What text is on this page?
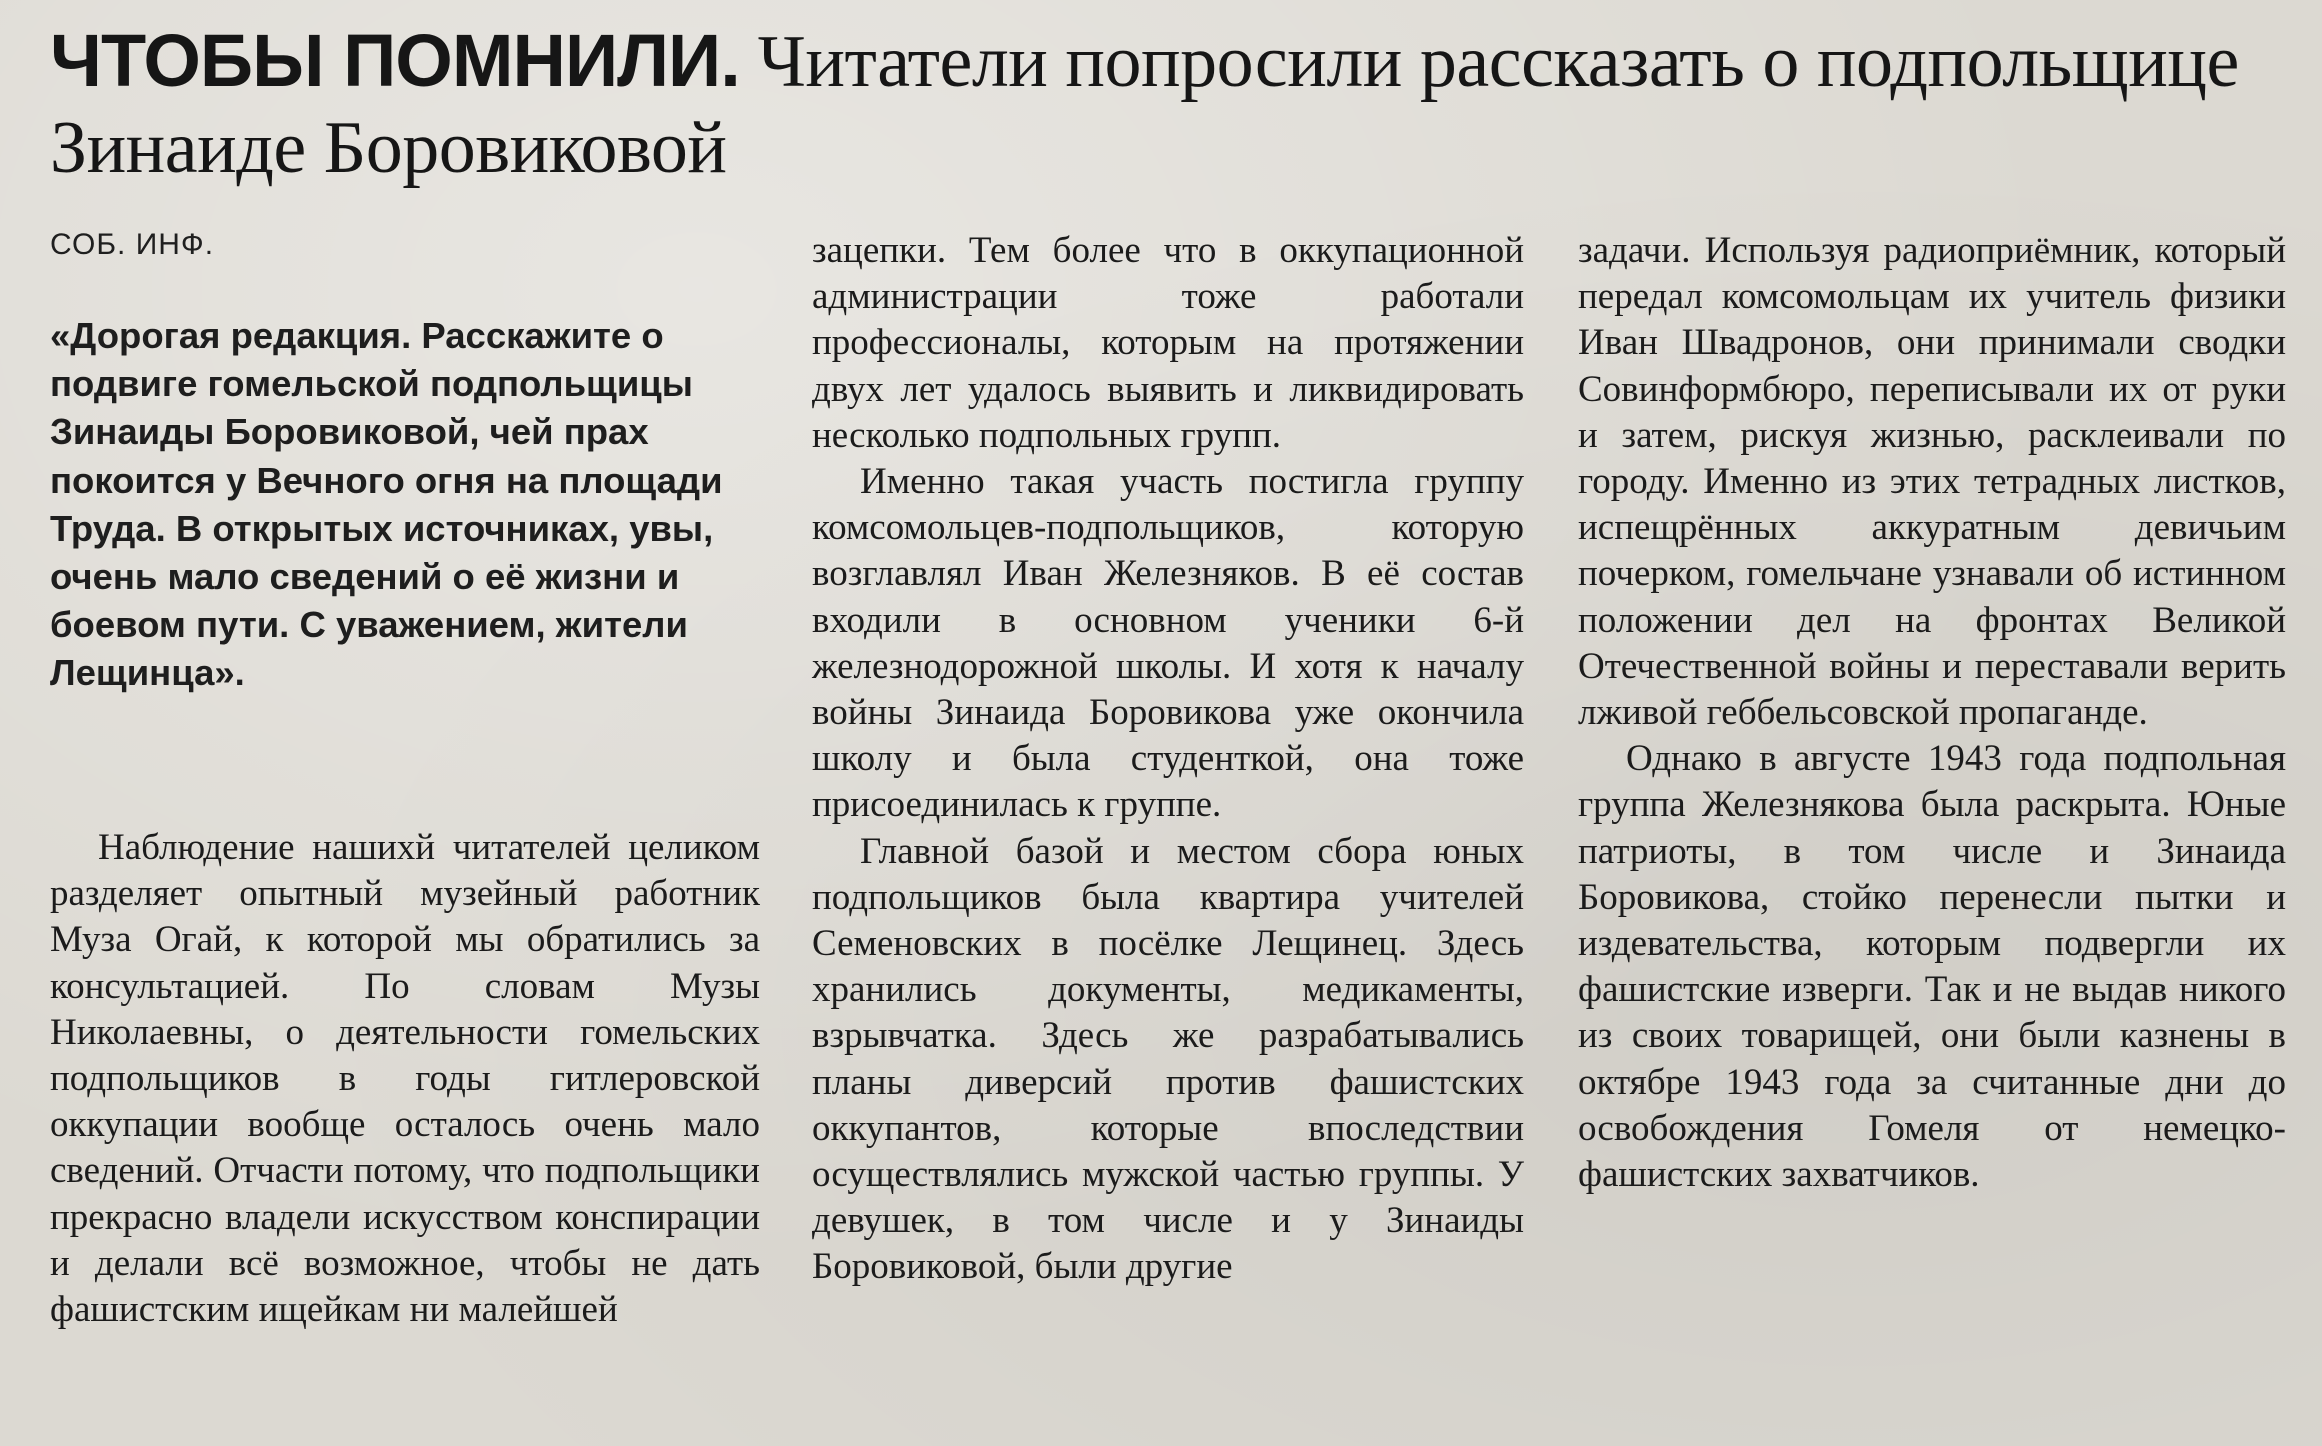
ЧТОБЫ ПОМНИЛИ. Читатели попросили рассказать о подпольщице Зинаиде Боровиковой
СОБ. ИНФ.
«Дорогая редакция. Расскажите о подвиге гомельской подпольщицы Зинаиды Боровиковой, чей прах покоится у Вечного огня на площади Труда. В открытых источниках, увы, очень мало сведений о её жизни и боевом пути. С уважением, жители Лещинца».

Наблюдение нашихй читателей целиком разделяет опытный музейный работник Муза Огай, к которой мы обратились за консультацией. По словам Музы Николаевны, о деятельности гомельских подпольщиков в годы гитлеровской оккупации вообще осталось очень мало сведений. Отчасти потому, что подпольщики прекрасно владели искусством конспирации и делали всё возможное, чтобы не дать фашистским ищейкам ни малейшей

зацепки. Тем более что в оккупационной администрации тоже работали профессионалы, которым на протяжении двух лет удалось выявить и ликвидировать несколько подпольных групп.

Именно такая участь постигла группу комсомольцев-подпольщиков, которую возглавлял Иван Железняков. В её состав входили в основном ученики 6-й железнодорожной школы. И хотя к началу войны Зинаида Боровикова уже окончила школу и была студенткой, она тоже присоединилась к группе.

Главной базой и местом сбора юных подпольщиков была квартира учителей Семеновских в посёлке Лещинец. Здесь хранились документы, медикаменты, взрывчатка. Здесь же разрабатывались планы диверсий против фашистских оккупантов, которые впоследствии осуществлялись мужской частью группы. У девушек, в том числе и у Зинаиды Боровиковой, были другие

задачи. Используя радиоприёмник, который передал комсомольцам их учитель физики Иван Швадронов, они принимали сводки Совинформбюро, переписывали их от руки и затем, рискуя жизнью, расклеивали по городу. Именно из этих тетрадных листков, испещрённых аккуратным девичьим почерком, гомельчане узнавали об истинном положении дел на фронтах Великой Отечественной войны и переставали верить лживой геббельсовской пропаганде.

Однако в августе 1943 года подпольная группа Железнякова была раскрыта. Юные патриоты, в том числе и Зинаида Боровикова, стойко перенесли пытки и издевательства, которым подвергли их фашистские изверги. Так и не выдав никого из своих товарищей, они были казнены в октябре 1943 года за считанные дни до освобождения Гомеля от немецко-фашистских захватчиков.
